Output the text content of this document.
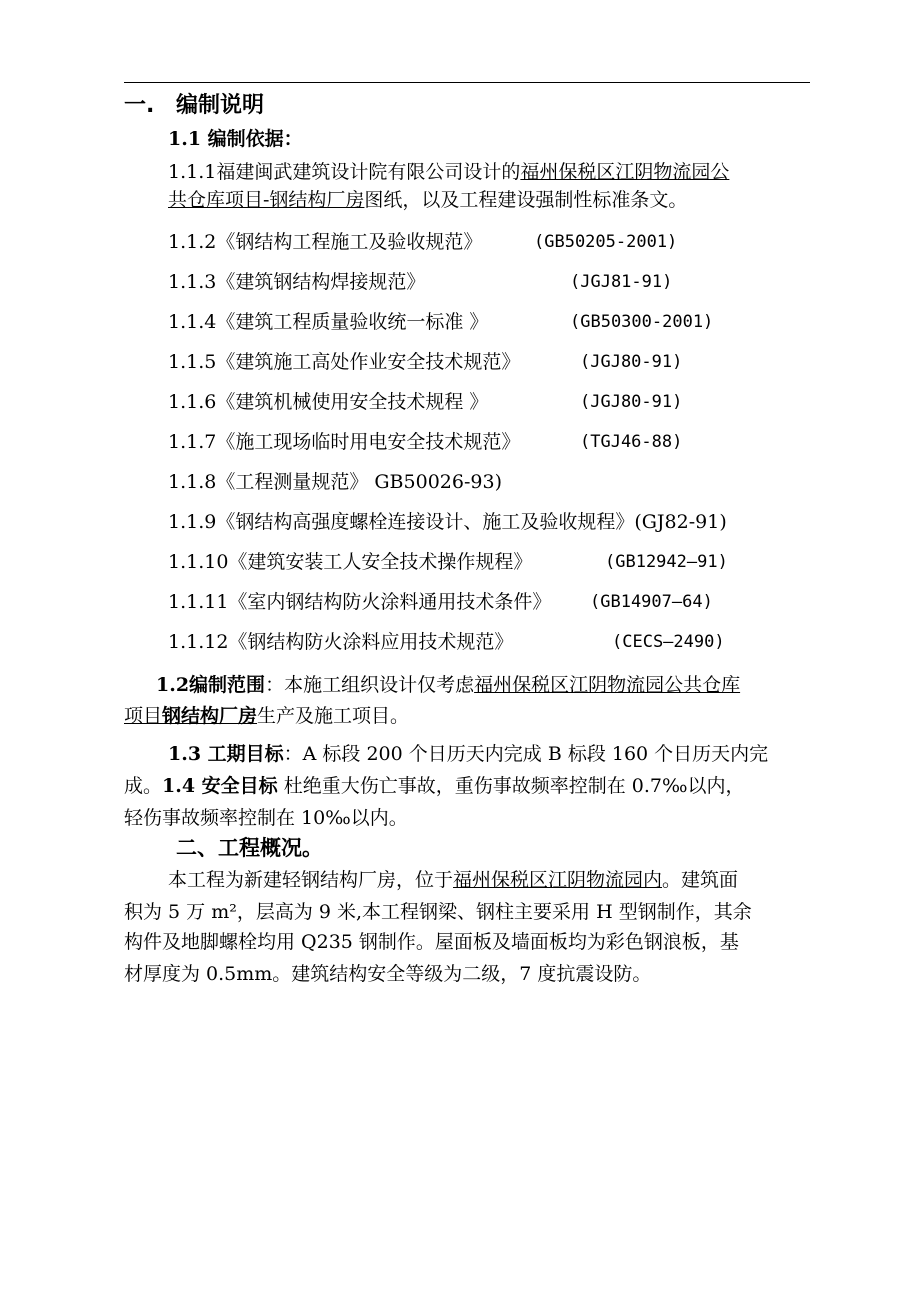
一. 编制说明
1.1 编制依据：
1.1.1福建闽武建筑设计院有限公司设计的福州保税区江阴物流园公
共仓库项目-钢结构厂房图纸，以及工程建设强制性标准条文。
1.1.2《钢结构工程施工及验收规范》	(GB50205-2001)
1.1.3《建筑钢结构焊接规范》	(JGJ81-91)
1.1.4《建筑工程质量验收统一标准 》	(GB50300-2001)
1.1.5《建筑施工高处作业安全技术规范》	(JGJ80-91)
1.1.6《建筑机械使用安全技术规程 》	(JGJ80-91)
1.1.7《施工现场临时用电安全技术规范》	(TGJ46-88)
1.1.8《工程测量规范》 GB50026-93)
1.1.9《钢结构高强度螺栓连接设计、施工及验收规程》(GJ82-91)
1.1.10《建筑安装工人安全技术操作规程》	(GB12942—91)
1.1.11《室内钢结构防火涂料通用技术条件》 (GB14907—64)
1.1.12《钢结构防火涂料应用技术规范》	(CECS—2490)
1.2编制范围：本施工组织设计仅考虑福州保税区江阴物流园公共仓库
项目钢结构厂房生产及施工项目。
1.3 工期目标：A 标段 200 个日历天内完成 B 标段 160 个日历天内完
成。1.4 安全目标 杜绝重大伤亡事故，重伤事故频率控制在 0.7‰以内，
轻伤事故频率控制在 10‰以内。
二、工程概况。
本工程为新建轻钢结构厂房，位于福州保税区江阴物流园内。建筑面
积为 5 万 m²，层高为 9 米,本工程钢梁、钢柱主要采用 H 型钢制作，其余
构件及地脚螺栓均用 Q235 钢制作。屋面板及墙面板均为彩色钢浪板，基
材厚度为 0.5mm。建筑结构安全等级为二级，7 度抗震设防。
